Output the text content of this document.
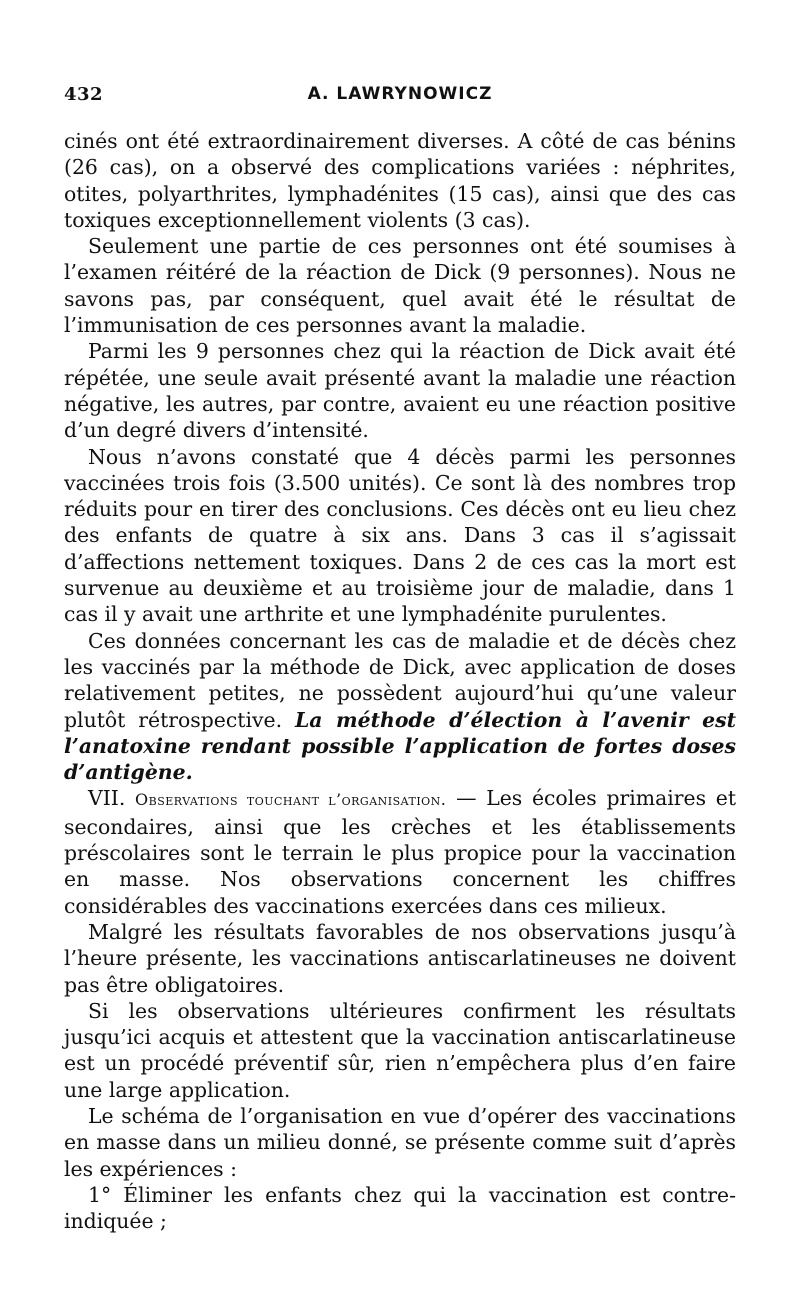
432	A. LAWRYNOWICZ

cinés ont été extraordinairement diverses. A côté de cas bénins (26 cas), on a observé des complications variées : néphrites, otites, polyarthrites, lymphadénites (15 cas), ainsi que des cas toxiques exceptionnellement violents (3 cas).

Seulement une partie de ces personnes ont été soumises à l’examen réitéré de la réaction de Dick (9 personnes). Nous ne savons pas, par conséquent, quel avait été le résultat de l’immunisation de ces personnes avant la maladie.

Parmi les 9 personnes chez qui la réaction de Dick avait été répétée, une seule avait présenté avant la maladie une réaction négative, les autres, par contre, avaient eu une réaction positive d’un degré divers d’intensité.

Nous n’avons constaté que 4 décès parmi les personnes vaccinées trois fois (3.500 unités). Ce sont là des nombres trop réduits pour en tirer des conclusions. Ces décès ont eu lieu chez des enfants de quatre à six ans. Dans 3 cas il s’agissait d’affections nettement toxiques. Dans 2 de ces cas la mort est survenue au deuxième et au troisième jour de maladie, dans 1 cas il y avait une arthrite et une lymphadénite purulentes.

Ces données concernant les cas de maladie et de décès chez les vaccinés par la méthode de Dick, avec application de doses relativement petites, ne possèdent aujourd’hui qu’une valeur plutôt rétrospective. La méthode d’élection à l’avenir est l’anatoxine rendant possible l’application de fortes doses d’antigène.

VII. Observations touchant l’organisation. — Les écoles primaires et secondaires, ainsi que les crèches et les établissements préscolaires sont le terrain le plus propice pour la vaccination en masse. Nos observations concernent les chiffres considérables des vaccinations exercées dans ces milieux.

Malgré les résultats favorables de nos observations jusqu’à l’heure présente, les vaccinations antiscarlatineuses ne doivent pas être obligatoires.

Si les observations ultérieures confirment les résultats jusqu’ici acquis et attestent que la vaccination antiscarlatineuse est un procédé préventif sûr, rien n’empêchera plus d’en faire une large application.

Le schéma de l’organisation en vue d’opérer des vaccinations en masse dans un milieu donné, se présente comme suit d’après les expériences :

1° Éliminer les enfants chez qui la vaccination est contre-indiquée ;
